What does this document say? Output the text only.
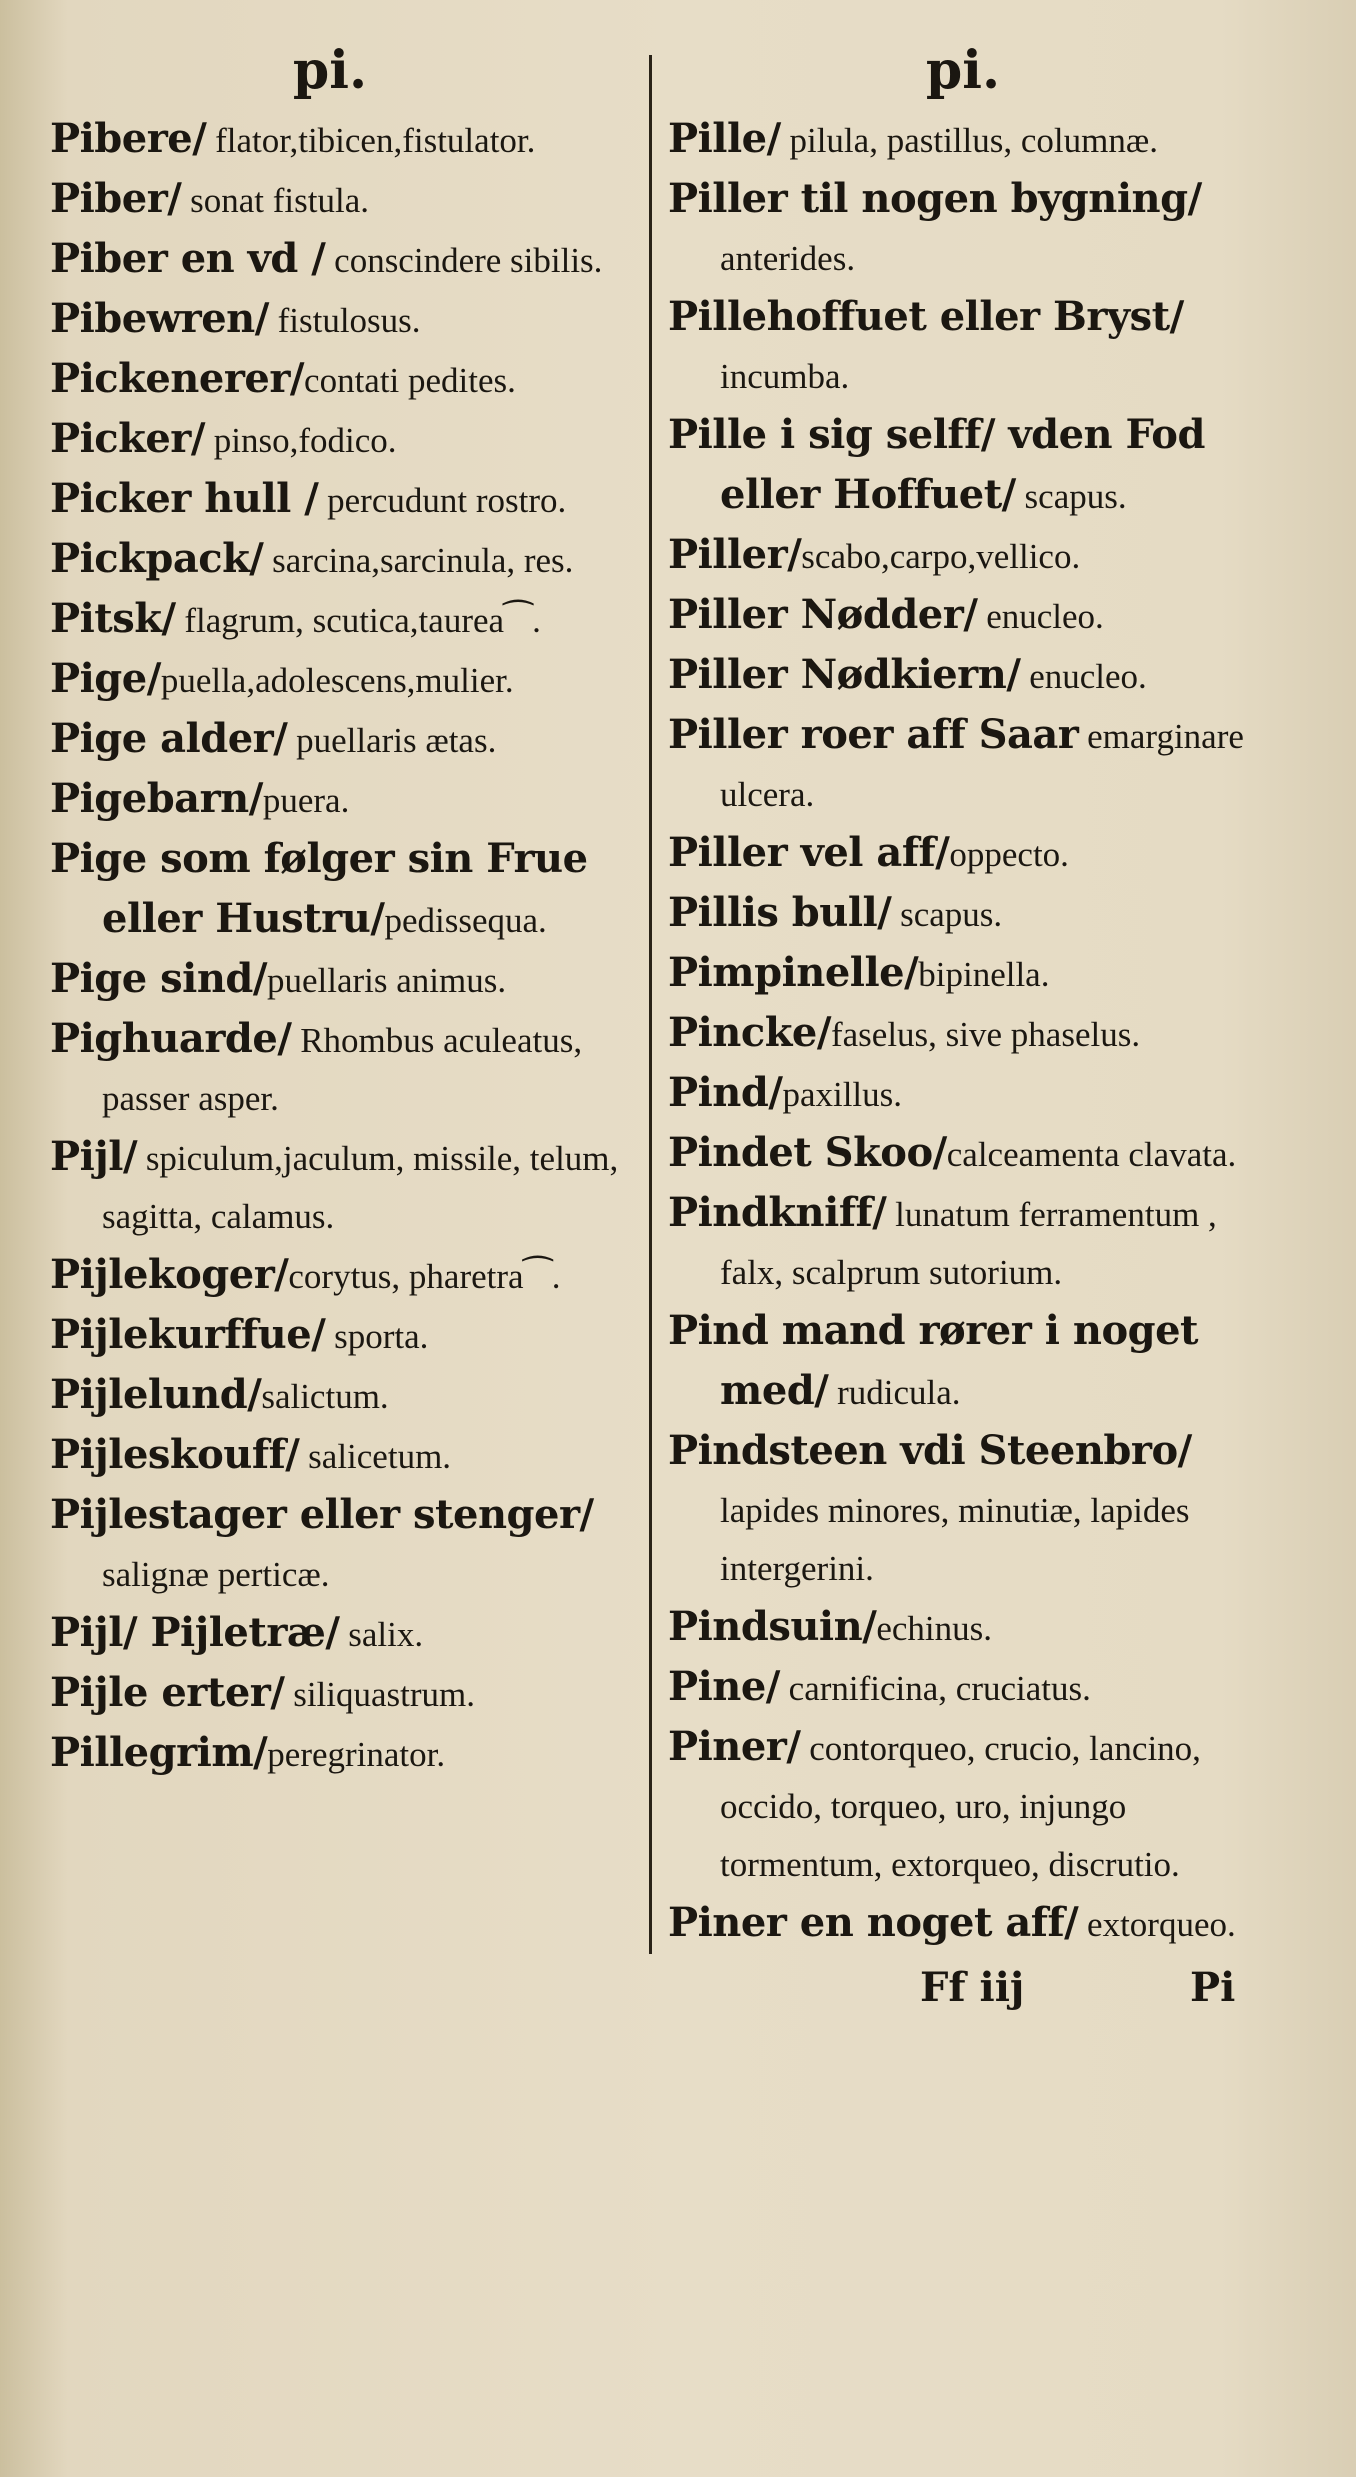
pi.

Pibere/ flator,tibicen,fistulator.

Piber/ sonat fistula.

Piber en vd / conscindere sibilis.

Pibewren/ fistulosus.

Pickenerer/contati pedites.

Picker/ pinso,fodico.

Picker hull / percudunt rostro.

Pickpack/ sarcina,sarcinula, res.

Pitsk/ flagrum, scutica,taurea⁀.

Pige/puella,adolescens,mulier.

Pige alder/ puellaris ætas.

Pigebarn/puera.

Pige som følger sin Frue eller Hustru/pedissequa.

Pige sind/puellaris animus.

Pighuarde/ Rhombus aculeatus, passer asper.

Pijl/ spiculum,jaculum, missile, telum, sagitta, calamus.

Pijlekoger/corytus, pharetra⁀.

Pijlekurffue/ sporta.

Pijlelund/salictum.

Pijleskouff/ salicetum.

Pijlestager eller stenger/ salignæ perticæ.

Pijl/ Pijletræ/ salix.

Pijle erter/ siliquastrum.

Pillegrim/peregrinator.

pi.

Pille/ pilula, pastillus, columnæ.

Piller til nogen bygning/ anterides.

Pillehoffuet eller Bryst/ incumba.

Pille i sig selff/ vden Fod eller Hoffuet/ scapus.

Piller/scabo,carpo,vellico.

Piller Nødder/ enucleo.

Piller Nødkiern/ enucleo.

Piller roer aff Saar emarginare ulcera.

Piller vel aff/oppecto.

Pillis bull/ scapus.

Pimpinelle/bipinella.

Pincke/faselus, sive phaselus.

Pind/paxillus.

Pindet Skoo/calceamenta clavata.

Pindkniff/ lunatum ferramentum , falx, scalprum sutorium.

Pind mand rører i noget med/ rudicula.

Pindsteen vdi Steenbro/ lapides minores, minutiæ, lapides intergerini.

Pindsuin/echinus.

Pine/ carnificina, cruciatus.

Piner/ contorqueo, crucio, lancino, occido, torqueo, uro, injungo tormentum, extorqueo, discrutio.

Piner en noget aff/ extorqueo.

Ff iij	Pi
